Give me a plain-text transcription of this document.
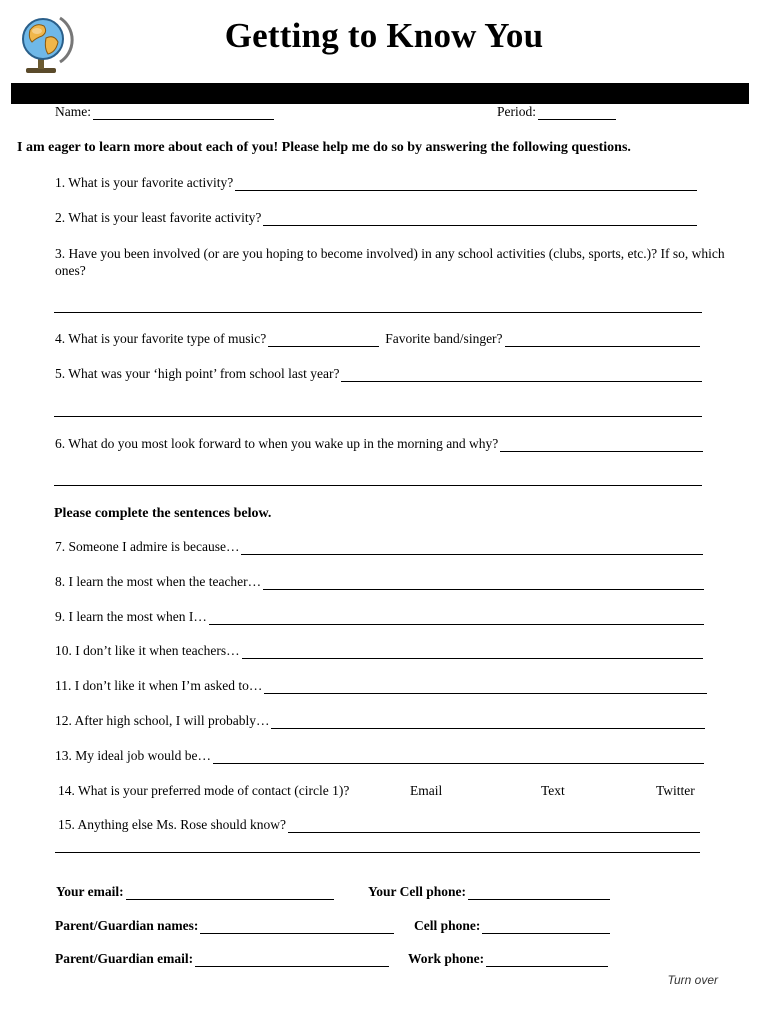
Getting to Know You
Name:	Period:
I am eager to learn more about each of you! Please help me do so by answering the following questions.
1. What is your favorite activity?
2. What is your least favorite activity?
3. Have you been involved (or are you hoping to become involved) in any school activities (clubs, sports, etc.)? If so, which ones?
4. What is your favorite type of music?	Favorite band/singer?
5. What was your ‘high point’ from school last year?
6. What do you most look forward to when you wake up in the morning and why?
Please complete the sentences below.
7. Someone I admire is because…
8. I learn the most when the teacher…
9. I learn the most when I…
10. I don’t like it when teachers…
11. I don’t like it when I’m asked to…
12. After high school, I will probably…
13. My ideal job would be…
14. What is your preferred mode of contact (circle 1)?	Email	Text	Twitter
15. Anything else Ms. Rose should know?
Your email:	Your Cell phone:
Parent/Guardian names:	Cell phone:
Parent/Guardian email:	Work phone:
Turn over
